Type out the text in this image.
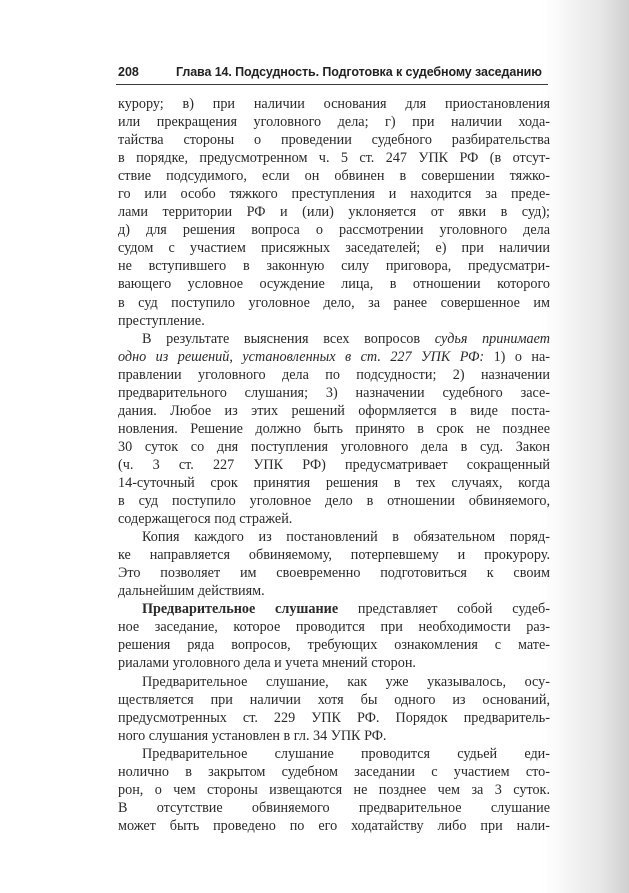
208	Глава 14. Подсудность. Подготовка к судебному заседанию
курору; в) при наличии основания для приостановления
или прекращения уголовного дела; г) при наличии хода-
тайства стороны о проведении судебного разбирательства
в порядке, предусмотренном ч. 5 ст. 247 УПК РФ (в отсут-
ствие подсудимого, если он обвинен в совершении тяжко-
го или особо тяжкого преступления и находится за преде-
лами территории РФ и (или) уклоняется от явки в суд);
д) для решения вопроса о рассмотрении уголовного дела
судом с участием присяжных заседателей; е) при наличии
не вступившего в законную силу приговора, предусматри-
вающего условное осуждение лица, в отношении которого
в суд поступило уголовное дело, за ранее совершенное им
преступление.
В результате выяснения всех вопросов судья принимает
одно из решений, установленных в ст. 227 УПК РФ: 1) о на-
правлении уголовного дела по подсудности; 2) назначении
предварительного слушания; 3) назначении судебного засе-
дания. Любое из этих решений оформляется в виде поста-
новления. Решение должно быть принято в срок не позднее
30 суток со дня поступления уголовного дела в суд. Закон
(ч. 3 ст. 227 УПК РФ) предусматривает сокращенный
14-суточный срок принятия решения в тех случаях, когда
в суд поступило уголовное дело в отношении обвиняемого,
содержащегося под стражей.
Копия каждого из постановлений в обязательном поряд-
ке направляется обвиняемому, потерпевшему и прокурору.
Это позволяет им своевременно подготовиться к своим
дальнейшим действиям.
Предварительное слушание представляет собой судеб-
ное заседание, которое проводится при необходимости раз-
решения ряда вопросов, требующих ознакомления с мате-
риалами уголовного дела и учета мнений сторон.
Предварительное слушание, как уже указывалось, осу-
ществляется при наличии хотя бы одного из оснований,
предусмотренных ст. 229 УПК РФ. Порядок предваритель-
ного слушания установлен в гл. 34 УПК РФ.
Предварительное слушание проводится судьей еди-
нолично в закрытом судебном заседании с участием сто-
рон, о чем стороны извещаются не позднее чем за 3 суток.
В отсутствие обвиняемого предварительное слушание
может быть проведено по его ходатайству либо при нали-
